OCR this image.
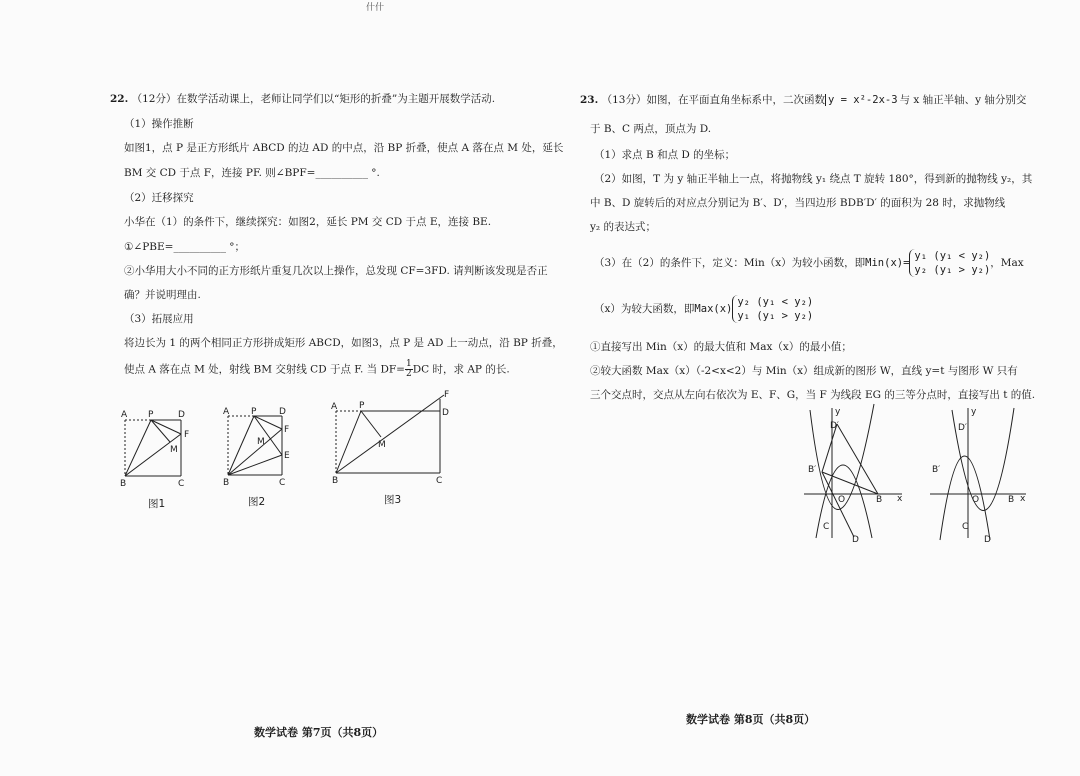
什什
22. （12分）在数学活动课上，老师让同学们以“矩形的折叠”为主题开展数学活动.
（1）操作推断
如图1，点 P 是正方形纸片 ABCD 的边 AD 的中点，沿 BP 折叠，使点 A 落在点 M 处，延长
BM 交 CD 于点 F，连接 PF. 则∠BPF=__________ °.
（2）迁移探究
小华在（1）的条件下，继续探究：如图2，延长 PM 交 CD 于点 E，连接 BE.
①∠PBE=__________ °；
②小华用大小不同的正方形纸片重复几次以上操作，总发现 CF=3FD. 请判断该发现是否正
确？并说明理由.
（3）拓展应用
将边长为 1 的两个相同正方形拼成矩形 ABCD，如图3，点 P 是 AD 上一动点，沿 BP 折叠，
使点 A 落在点 M 处，射线 BM 交射线 CD 于点 F. 当 $DF= \frac{1}{2}$ DC 时，求 AP 的长.
A P	D
F
M
B	C
图1
A P	D
F
M
E
B	C
图2
A P
D
F
M
B	C
图3
数学试卷 第7页（共8页）
23. （13分）如图，在平面直角坐标系中，二次函数 y = x²-2x-3 与 x 轴正半轴、y 轴分别交
于 B、C 两点，顶点为 D.
（1）求点 B 和点 D 的坐标；
（2）如图，T 为 y 轴正半轴上一点，将抛物线 y₁ 绕点 T 旋转 180°，得到新的抛物线 y₂，其
中 B、D 旋转后的对应点分别记为 B′、D′，当四边形 BDB′D′ 的面积为 28 时，求抛物线
y₂ 的表达式；
（3）在（2）的条件下，定义：Min（x）为较小函数，即Min(x)=
y₁ (y₁ < y₂)
y₂ (y₁ > y₂)
，Max
（x）为较大函数，即Max(x)
y₂ (y₁ < y₂)
y₁ (y₁ > y₂)
①直接写出 Min（x）的最大值和 Max（x）的最小值；
②较大函数 Max（x）（-2<x<2）与 Min（x）组成新的图形 W，直线 y=t 与图形 W 只有
三个交点时，交点从左向右依次为 E、F、G，当 F 为线段 EG 的三等分点时，直接写出 t 的值.
y
x
D′
B′
O	B
C
D
y
x
D′
B′
O	B
C
D
数学试卷 第8页（共8页）
